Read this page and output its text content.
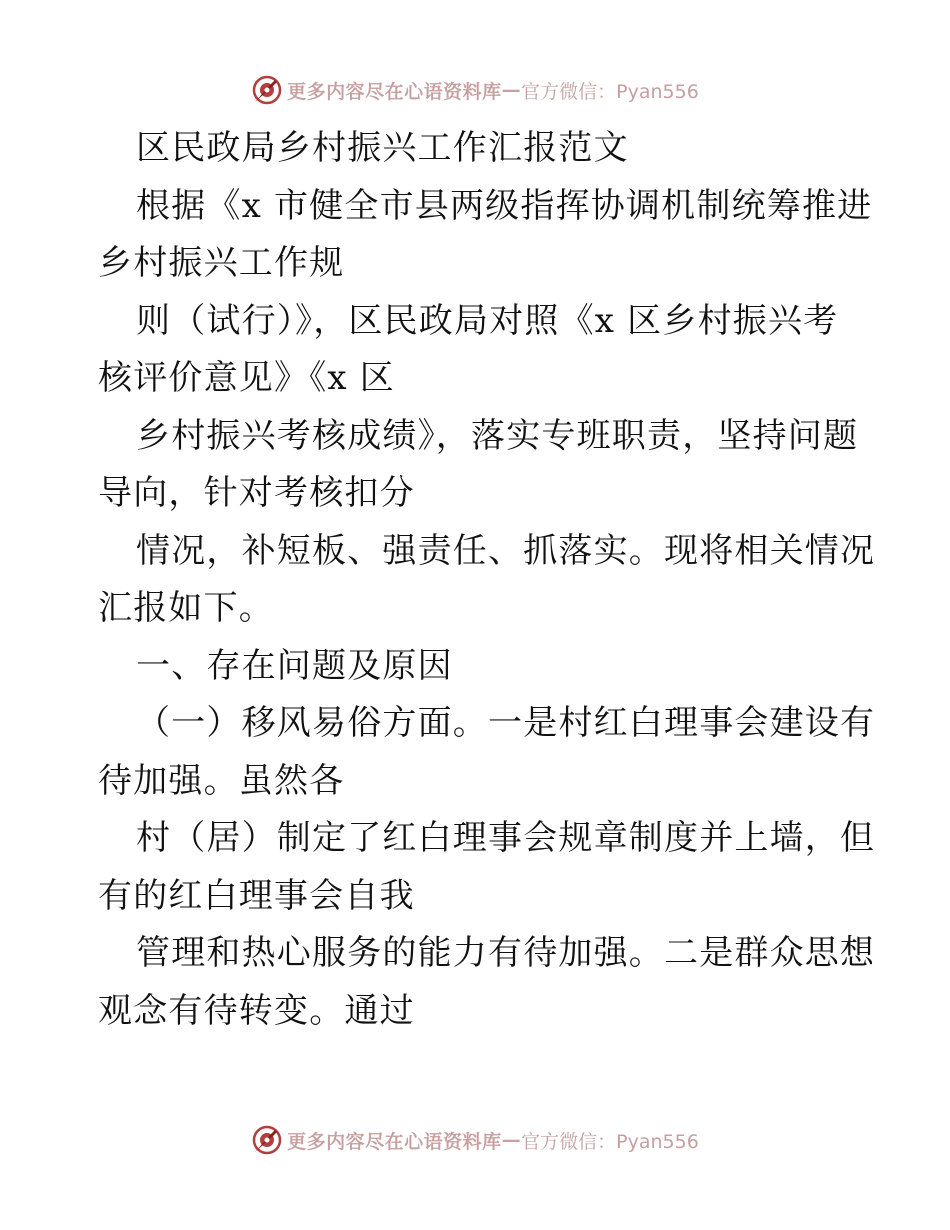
更多内容尽在心语资料库 — 官方微信：Pyan556
区民政局乡村振兴工作汇报范文
根据《x 市健全市县两级指挥协调机制统筹推进
乡村振兴工作规
则（试行）》，区民政局对照《x 区乡村振兴考
核评价意见》《x 区
乡村振兴考核成绩》，落实专班职责，坚持问题
导向，针对考核扣分
情况，补短板、强责任、抓落实。现将相关情况
汇报如下。
一、存在问题及原因
（一）移风易俗方面。一是村红白理事会建设有
待加强。虽然各
村（居）制定了红白理事会规章制度并上墙，但
有的红白理事会自我
管理和热心服务的能力有待加强。二是群众思想
观念有待转变。通过
更多内容尽在心语资料库 — 官方微信：Pyan556
